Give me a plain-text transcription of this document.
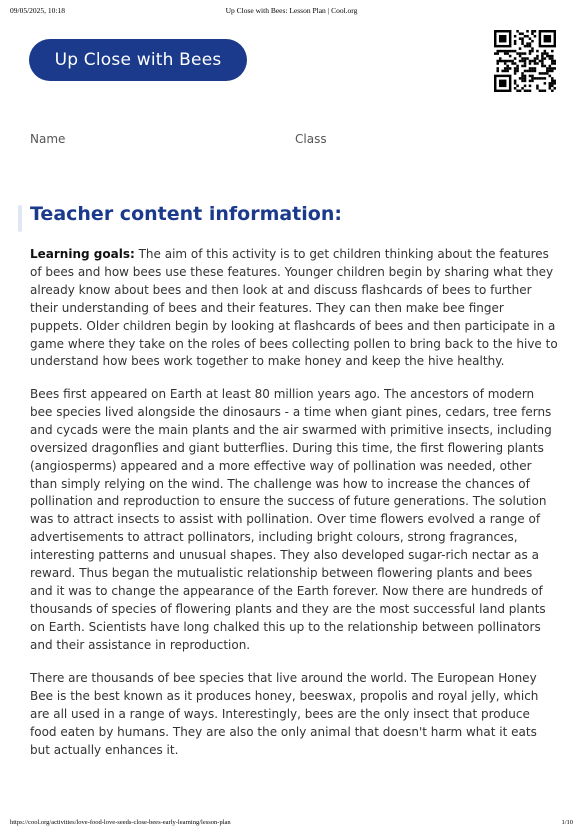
09/05/2025, 10:18	Up Close with Bees: Lesson Plan | Cool.org
Up Close with Bees
Name	Class
Teacher content information:

Learning goals: The aim of this activity is to get children thinking about the features of bees and how bees use these features. Younger children begin by sharing what they already know about bees and then look at and discuss flashcards of bees to further their understanding of bees and their features. They can then make bee finger puppets. Older children begin by looking at flashcards of bees and then participate in a game where they take on the roles of bees collecting pollen to bring back to the hive to understand how bees work together to make honey and keep the hive healthy.

Bees first appeared on Earth at least 80 million years ago. The ancestors of modern bee species lived alongside the dinosaurs - a time when giant pines, cedars, tree ferns and cycads were the main plants and the air swarmed with primitive insects, including oversized dragonflies and giant butterflies. During this time, the first flowering plants (angiosperms) appeared and a more effective way of pollination was needed, other than simply relying on the wind. The challenge was how to increase the chances of pollination and reproduction to ensure the success of future generations. The solution was to attract insects to assist with pollination. Over time flowers evolved a range of advertisements to attract pollinators, including bright colours, strong fragrances, interesting patterns and unusual shapes. They also developed sugar-rich nectar as a reward. Thus began the mutualistic relationship between flowering plants and bees and it was to change the appearance of the Earth forever. Now there are hundreds of thousands of species of flowering plants and they are the most successful land plants on Earth. Scientists have long chalked this up to the relationship between pollinators and their assistance in reproduction.

There are thousands of bee species that live around the world. The European Honey Bee is the best known as it produces honey, beeswax, propolis and royal jelly, which are all used in a range of ways. Interestingly, bees are the only insect that produce food eaten by humans. They are also the only animal that doesn't harm what it eats but actually enhances it.

https://cool.org/activities/love-food-love-seeds-close-bees-early-learning/lesson-plan	1/10
